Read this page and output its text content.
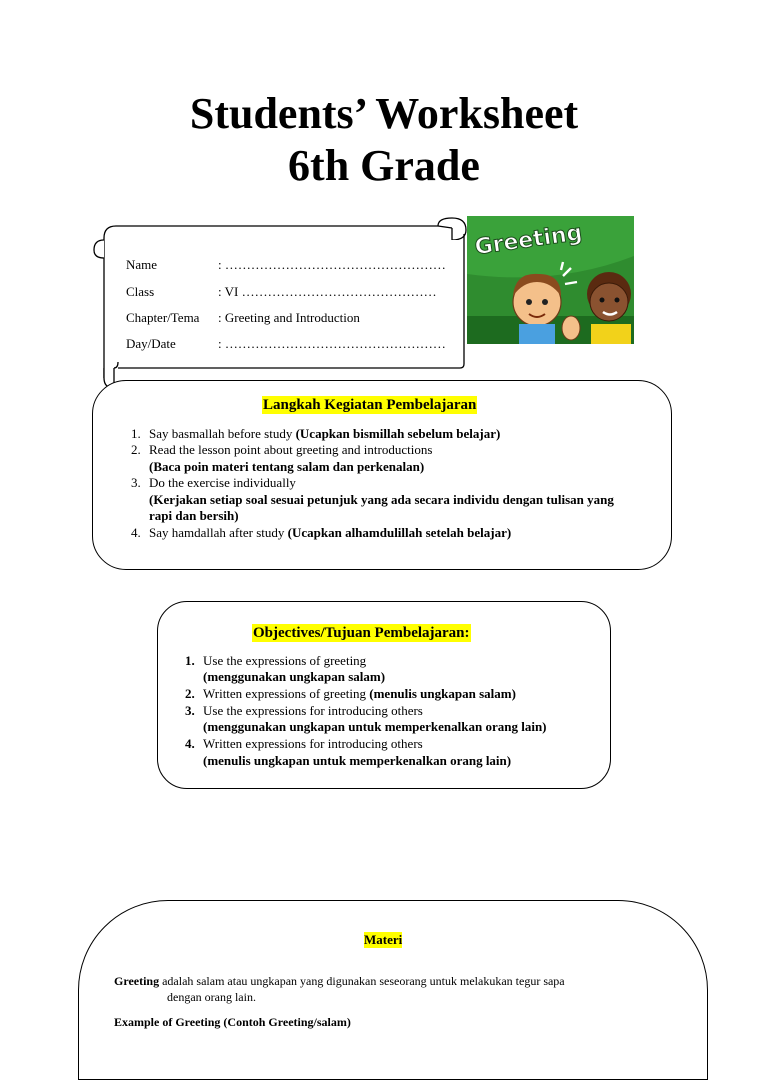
Students’ Worksheet
6th Grade
Name	: ……………………………………………
Class	: VI ………………………………………
Chapter/Tema : Greeting and Introduction
Day/Date	: ……………………………………………
Greeting
Langkah Kegiatan Pembelajaran
1. Say basmallah before study (Ucapkan bismillah sebelum belajar)
2. Read the lesson point about greeting and introductions
(Baca poin materi tentang salam dan perkenalan)
3. Do the exercise individually
(Kerjakan setiap soal sesuai petunjuk yang ada secara individu dengan tulisan yang
rapi dan bersih)
4. Say hamdallah after study (Ucapkan alhamdulillah setelah belajar)
Objectives/Tujuan Pembelajaran:
1. Use the expressions of greeting
(menggunakan ungkapan salam)
2. Written expressions of greeting (menulis ungkapan salam)
3. Use the expressions for introducing others
(menggunakan ungkapan untuk memperkenalkan orang lain)
4. Written expressions for introducing others
(menulis ungkapan untuk memperkenalkan orang lain)
Materi
Greeting adalah salam atau ungkapan yang digunakan seseorang untuk melakukan tegur sapa
dengan orang lain.
Example of Greeting (Contoh Greeting/salam)
